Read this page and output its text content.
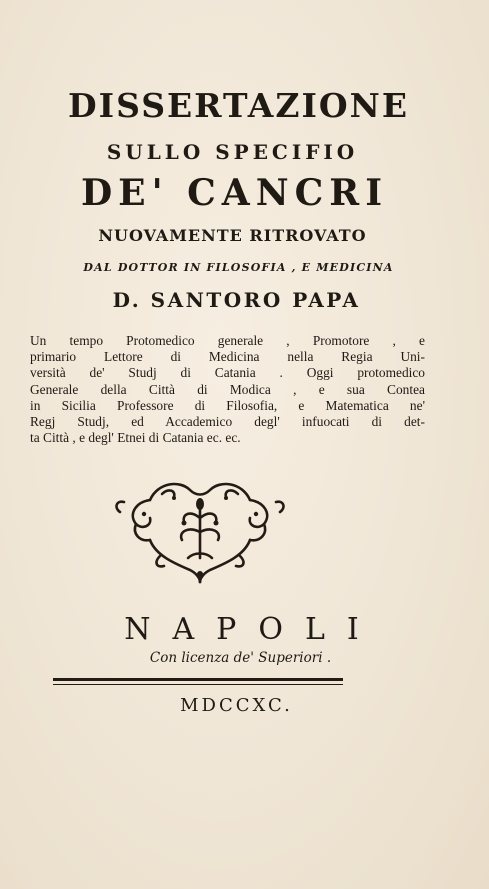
DISSERTAZIONE
SULLO SPECIFIO
DE' CANCRI
NUOVAMENTE RITROVATO
DAL DOTTOR IN FILOSOFIA , E MEDICINA
D. SANTORO PAPA
Un tempo Protomedico generale , Promotore , e
primario Lettore di Medicina nella Regia Uni-
versità de' Studj di Catania . Oggi protomedico
Generale della Città di Modica , e sua Contea
in Sicilia Professore di Filosofia, e Matematica ne'
Regj Studj, ed Accademico degl' infuocati di det-
ta Città , e degl' Etnei di Catania ec. ec.
NAPOLI
Con licenza de' Superiori .
MDCCXC.
